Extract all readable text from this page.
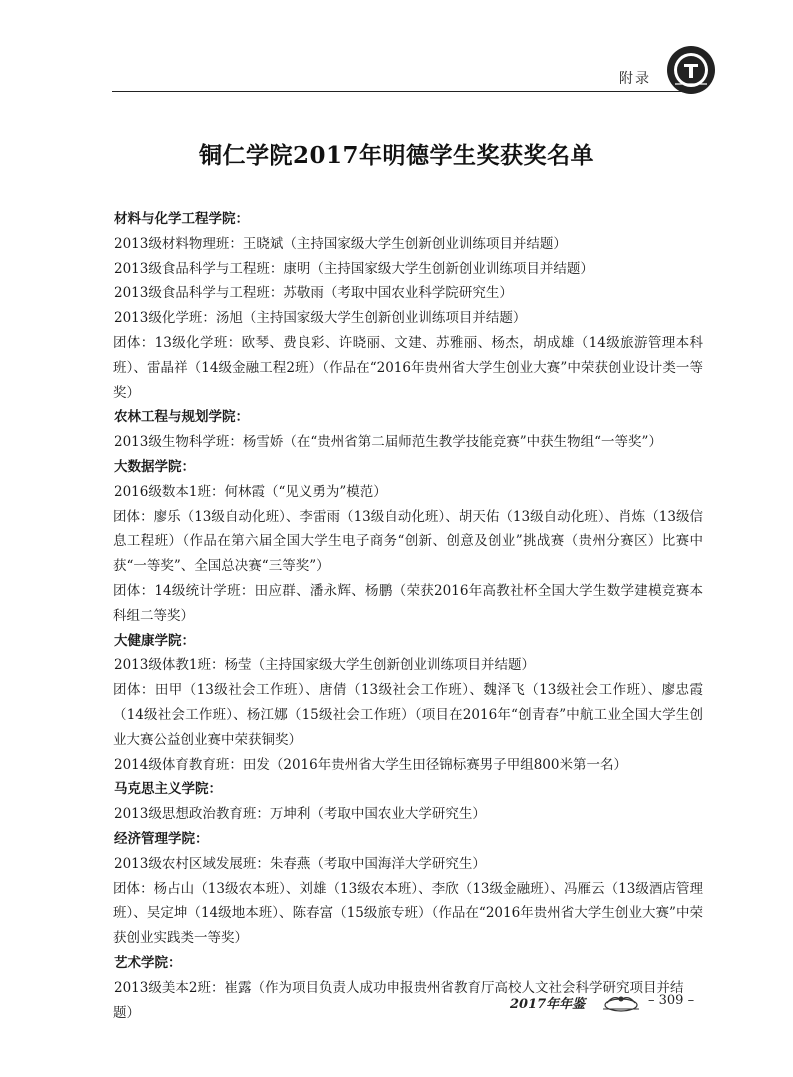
附录
铜仁学院2017年明德学生奖获奖名单
材料与化学工程学院：
2013级材料物理班：王晓斌（主持国家级大学生创新创业训练项目并结题）
2013级食品科学与工程班：康明（主持国家级大学生创新创业训练项目并结题）
2013级食品科学与工程班：苏敬雨（考取中国农业科学院研究生）
2013级化学班：汤旭（主持国家级大学生创新创业训练项目并结题）
团体：13级化学班：欧琴、费良彩、许晓丽、文建、苏雅丽、杨杰，胡成雄（14级旅游管理本科班）、雷晶祥（14级金融工程2班）（作品在“2016年贵州省大学生创业大赛”中荣获创业设计类一等奖）
农林工程与规划学院：
2013级生物科学班：杨雪娇（在“贵州省第二届师范生教学技能竞赛”中获生物组“一等奖”）
大数据学院：
2016级数本1班：何林霞（“见义勇为”模范）
团体：廖乐（13级自动化班）、李雷雨（13级自动化班）、胡天佑（13级自动化班）、肖炼（13级信息工程班）（作品在第六届全国大学生电子商务“创新、创意及创业”挑战赛（贵州分赛区）比赛中获“一等奖”、全国总决赛“三等奖”）
团体：14级统计学班：田应群、潘永辉、杨鹏（荣获2016年高教社杯全国大学生数学建模竞赛本科组二等奖）
大健康学院：
2013级体教1班：杨莹（主持国家级大学生创新创业训练项目并结题）
团体：田甲（13级社会工作班）、唐倩（13级社会工作班）、魏泽飞（13级社会工作班）、廖忠霞（14级社会工作班）、杨江娜（15级社会工作班）（项目在2016年“创青春”中航工业全国大学生创业大赛公益创业赛中荣获铜奖）
2014级体育教育班：田发（2016年贵州省大学生田径锦标赛男子甲组800米第一名）
马克思主义学院：
2013级思想政治教育班：万坤利（考取中国农业大学研究生）
经济管理学院：
2013级农村区域发展班：朱春燕（考取中国海洋大学研究生）
团体：杨占山（13级农本班）、刘雄（13级农本班）、李欣（13级金融班）、冯雁云（13级酒店管理班）、吴定坤（14级地本班）、陈春富（15级旅专班）（作品在“2016年贵州省大学生创业大赛”中荣获创业实践类一等奖）
艺术学院：
2013级美本2班：崔露（作为项目负责人成功申报贵州省教育厅高校人文社会科学研究项目并结题）	2017年年鉴	– 309 –
